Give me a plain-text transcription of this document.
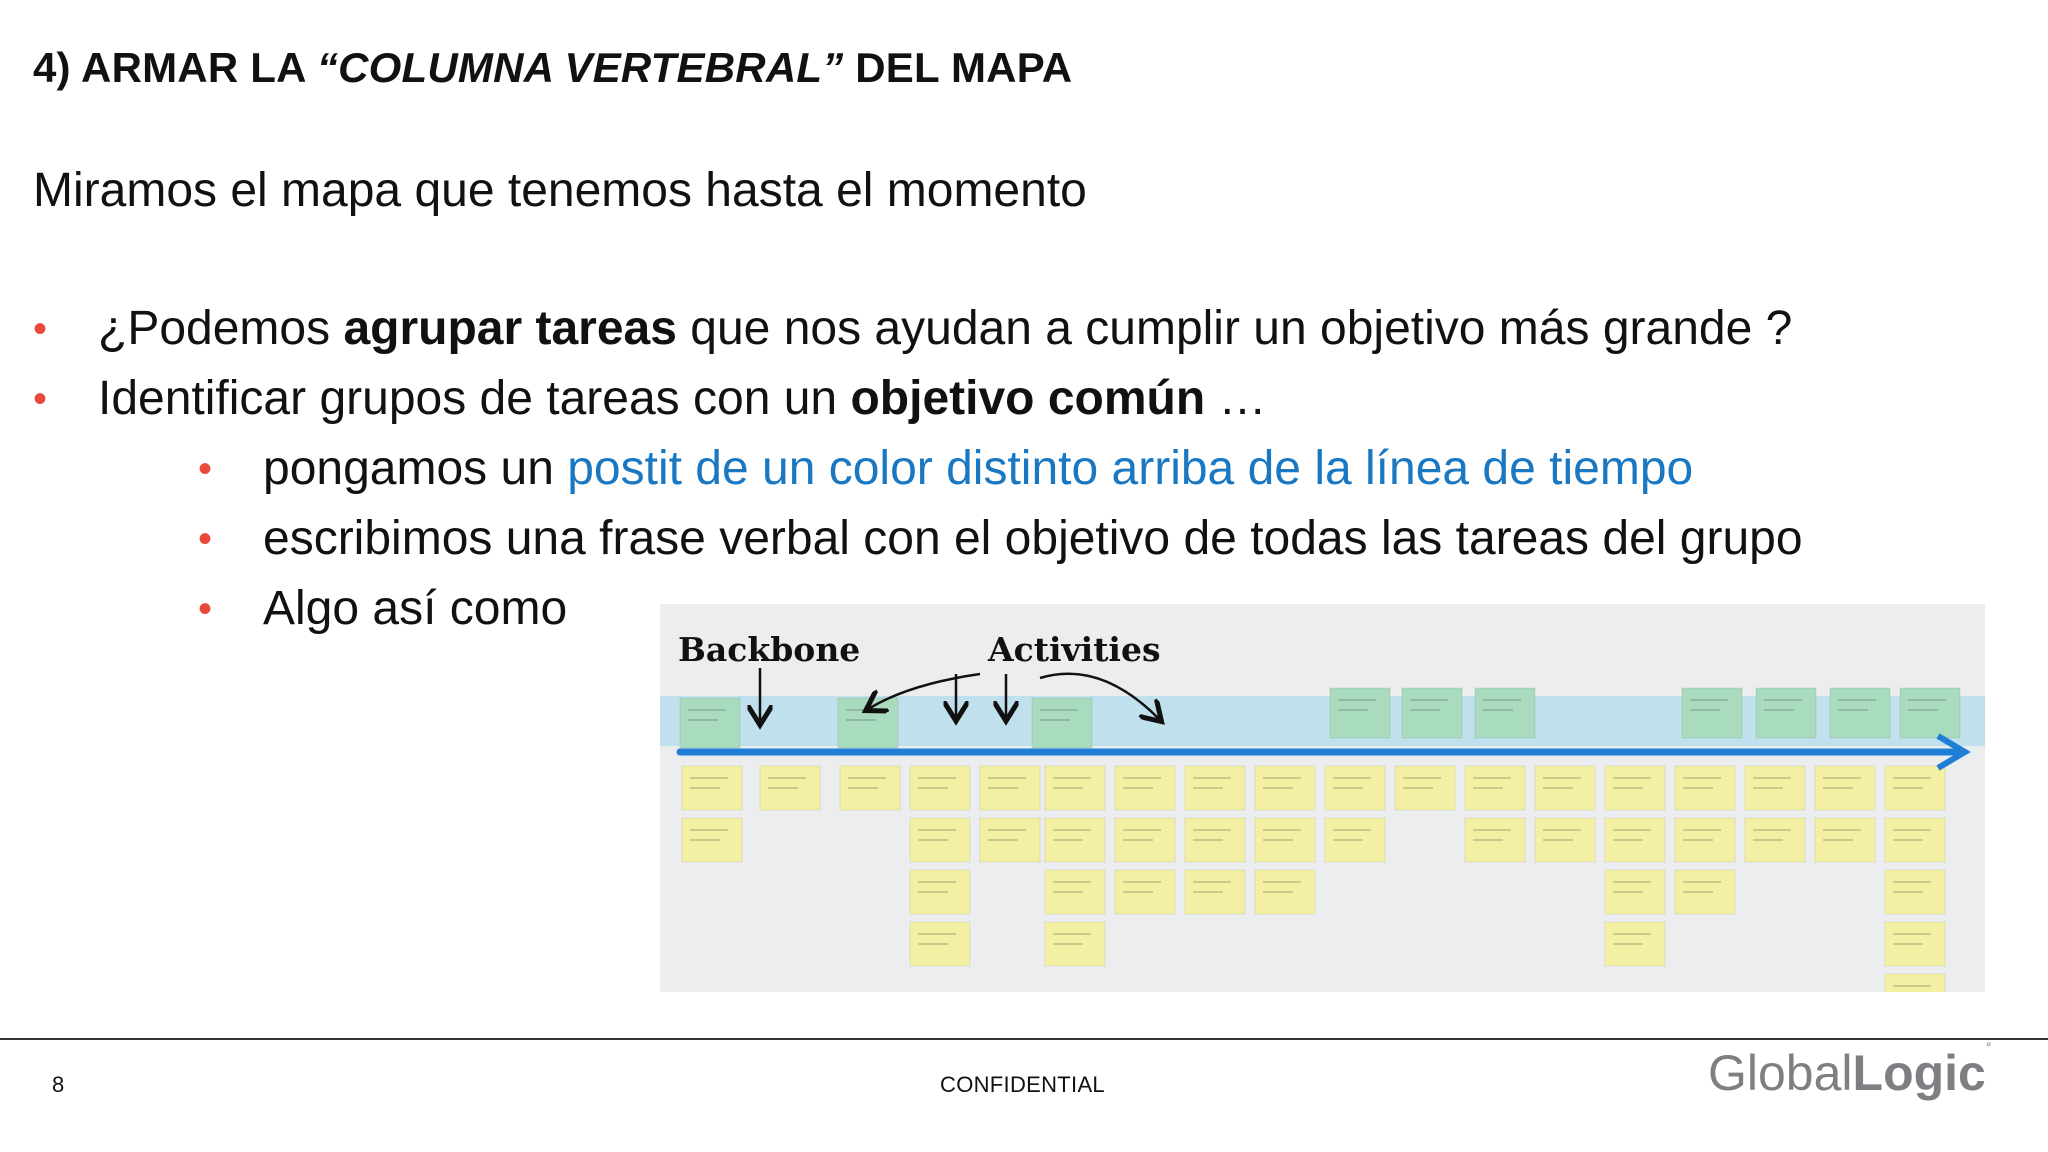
4) ARMAR LA “COLUMNA VERTEBRAL” DEL MAPA
Miramos el mapa que tenemos hasta el momento
• ¿Podemos agrupar tareas que nos ayudan a cumplir un objetivo más grande ?
• Identificar grupos de tareas con un objetivo común …
• pongamos un postit de un color distinto arriba de la línea de tiempo
• escribimos una frase verbal con el objetivo de todas las tareas del grupo
• Algo así como
Backbone	Activities
8	CONFIDENTIAL	GlobalLogic°
